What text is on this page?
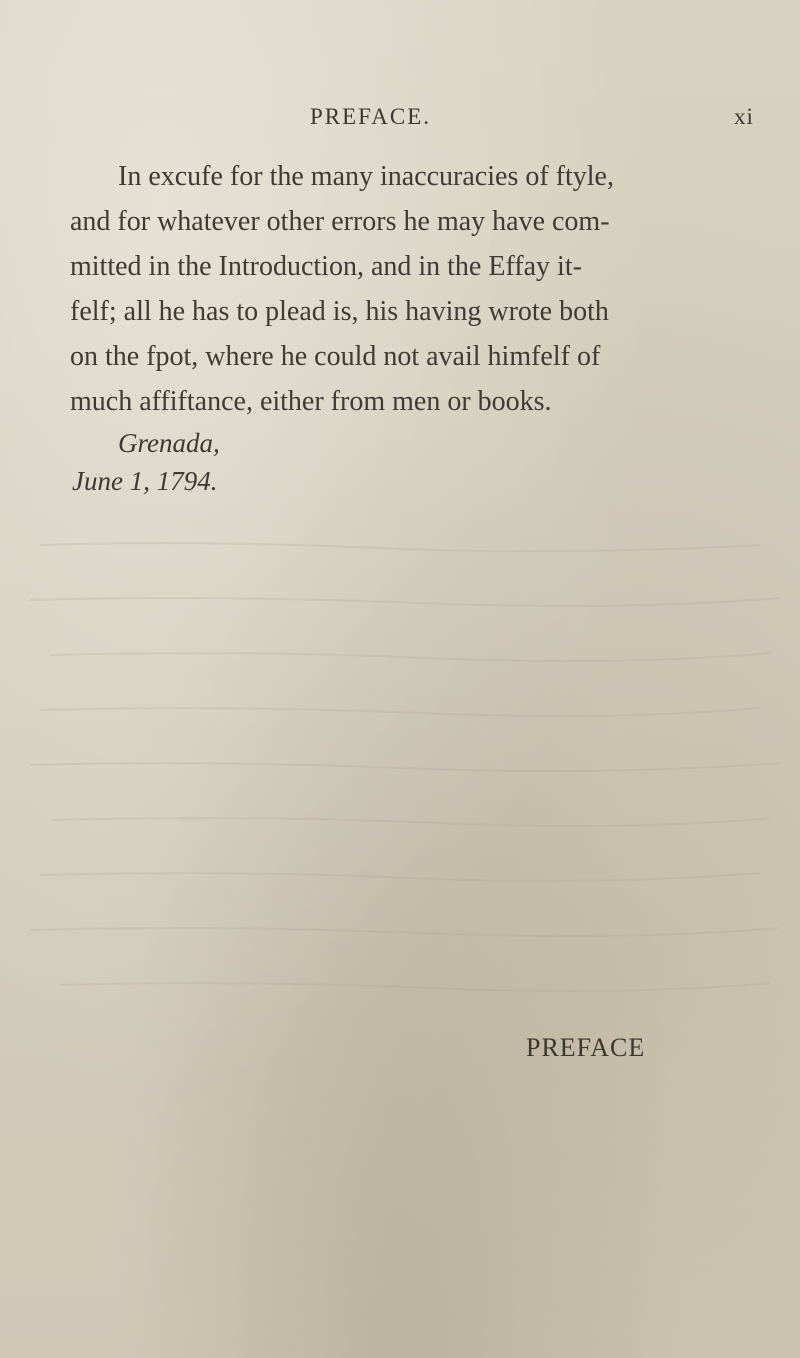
PREFACE.	xi
In excufe for the many inaccuracies of ftyle,
and for whatever other errors he may have com-
mitted in the Introduction, and in the Effay it-
felf; all he has to plead is, his having wrote both
on the fpot, where he could not avail himfelf of
much affiftance, either from men or books.
Grenada,
June 1, 1794.
PREFACE
